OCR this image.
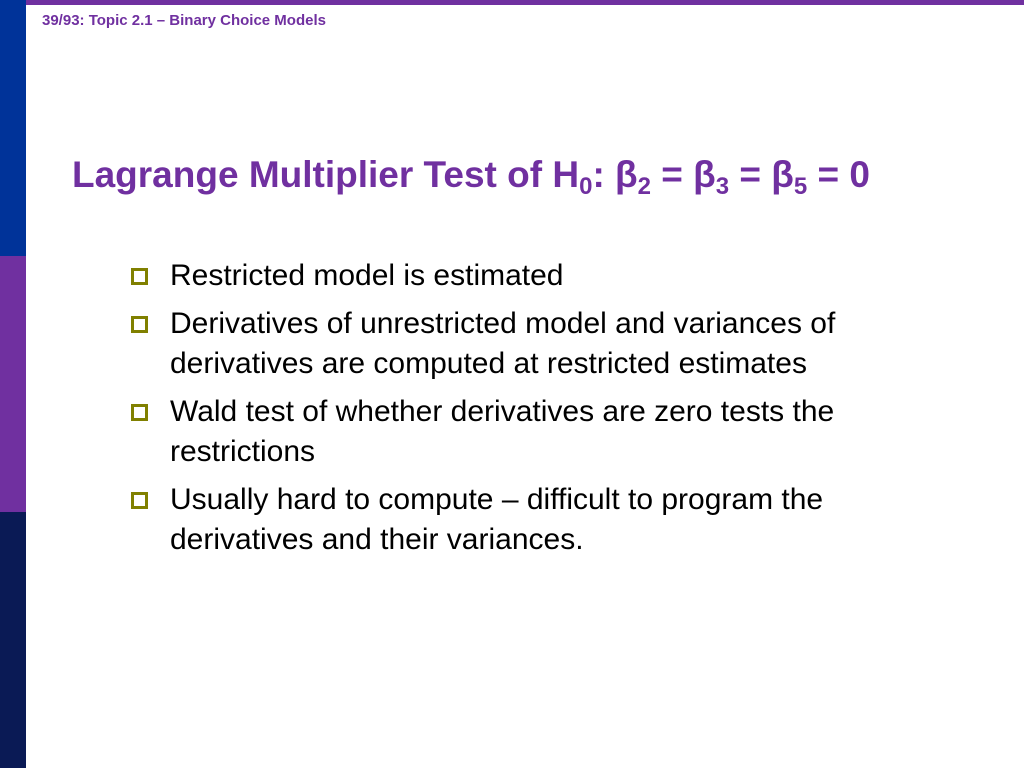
39/93: Topic 2.1 – Binary Choice Models
Lagrange Multiplier Test of $H_0$: $\beta_2 = \beta_3 = \beta_5 = 0$
Restricted model is estimated
Derivatives of unrestricted model and variances of derivatives are computed at restricted estimates
Wald test of whether derivatives are zero tests the restrictions
Usually hard to compute – difficult to program the derivatives and their variances.
